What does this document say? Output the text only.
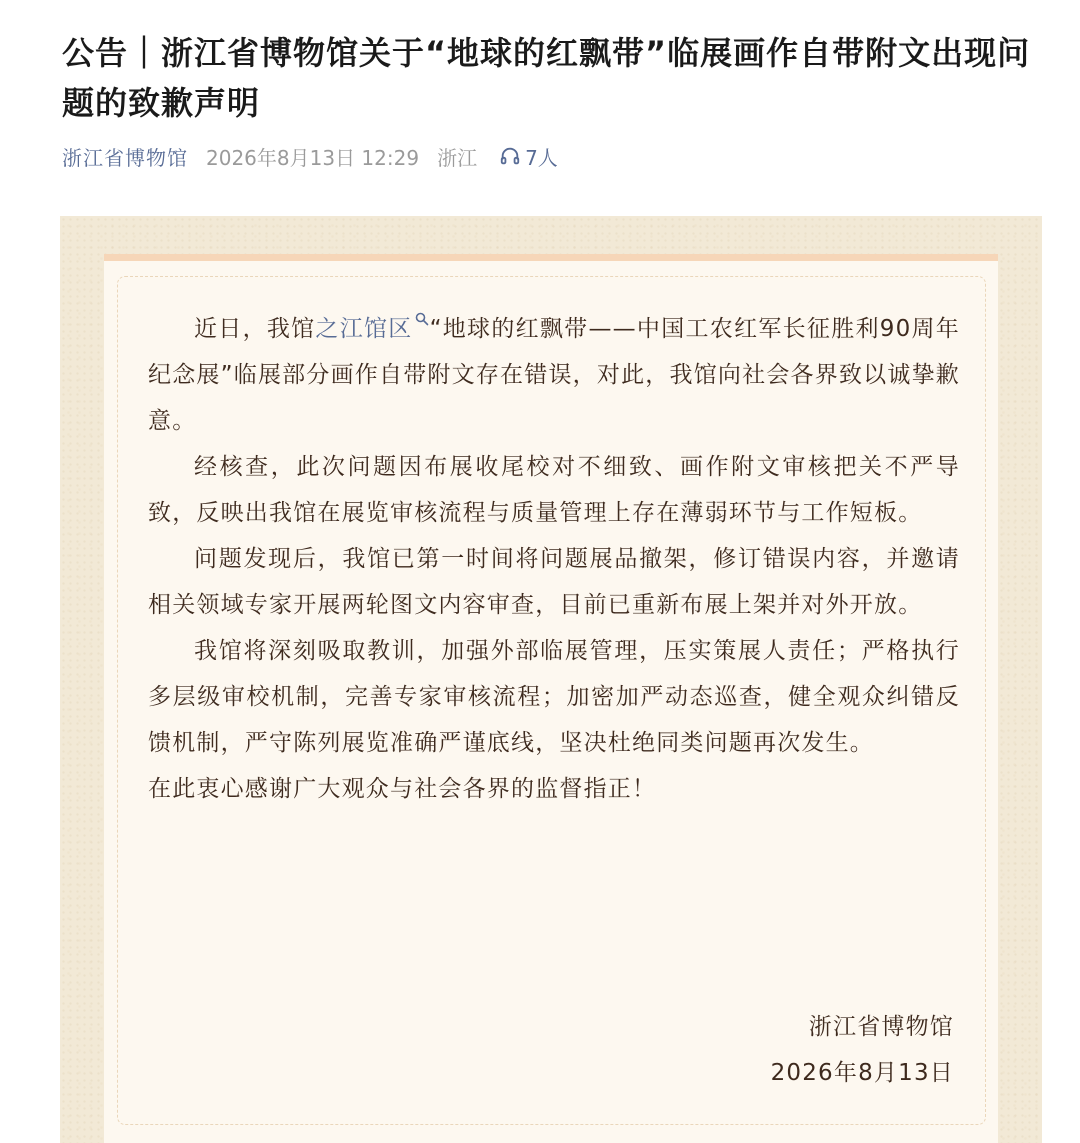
公告｜浙江省博物馆关于“地球的红飘带”临展画作自带附文出现问题的致歉声明
浙江省博物馆 2026年8月13日 12:29 浙江 7人

近日，我馆之江馆区 “地球的红飘带——中国工农红军长征胜利90周年纪念展”临展部分画作自带附文存在错误，对此，我馆向社会各界致以诚挚歉意。

经核查，此次问题因布展收尾校对不细致、画作附文审核把关不严导致，反映出我馆在展览审核流程与质量管理上存在薄弱环节与工作短板。

问题发现后，我馆已第一时间将问题展品撤架，修订错误内容，并邀请相关领域专家开展两轮图文内容审查，目前已重新布展上架并对外开放。

我馆将深刻吸取教训，加强外部临展管理，压实策展人责任；严格执行多层级审校机制，完善专家审核流程；加密加严动态巡查，健全观众纠错反馈机制，严守陈列展览准确严谨底线，坚决杜绝同类问题再次发生。

在此衷心感谢广大观众与社会各界的监督指正！

浙江省博物馆
2026年8月13日
